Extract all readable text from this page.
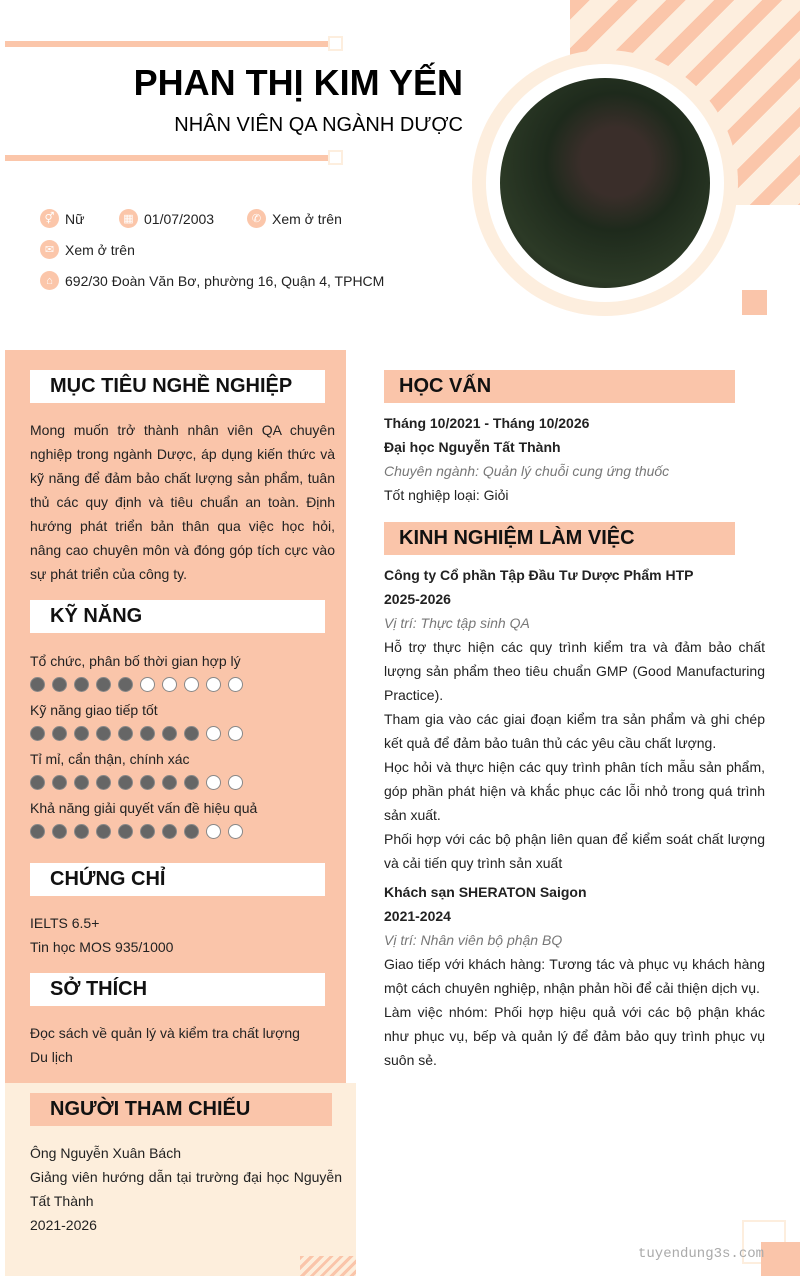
PHAN THỊ KIM YẾN
NHÂN VIÊN QA NGÀNH DƯỢC
⚥ Nữ	▦ 01/07/2003	✆ Xem ở trên
✉ Xem ở trên
⌂ 692/30 Đoàn Văn Bơ, phường 16, Quận 4, TPHCM
MỤC TIÊU NGHỀ NGHIỆP
Mong muốn trở thành nhân viên QA chuyên nghiệp trong ngành Dược, áp dụng kiến thức và kỹ năng để đảm bảo chất lượng sản phẩm, tuân thủ các quy định và tiêu chuẩn an toàn. Định hướng phát triển bản thân qua việc học hỏi, nâng cao chuyên môn và đóng góp tích cực vào sự phát triển của công ty.
KỸ NĂNG
Tổ chức, phân bố thời gian hợp lý
Kỹ năng giao tiếp tốt
Tỉ mỉ, cẩn thận, chính xác
Khả năng giải quyết vấn đề hiệu quả
CHỨNG CHỈ
IELTS 6.5+
Tin học MOS 935/1000
SỞ THÍCH
Đọc sách về quản lý và kiểm tra chất lượng
Du lịch
NGƯỜI THAM CHIẾU
Ông Nguyễn Xuân Bách
Giảng viên hướng dẫn tại trường đại học Nguyễn Tất Thành
2021-2026
HỌC VẤN
Tháng 10/2021 - Tháng 10/2026
Đại học Nguyễn Tất Thành
Chuyên ngành: Quản lý chuỗi cung ứng thuốc
Tốt nghiệp loại: Giỏi
KINH NGHIỆM LÀM VIỆC
Công ty Cổ phần Tập Đầu Tư Dược Phẩm HTP
2025-2026
Vị trí: Thực tập sinh QA
Hỗ trợ thực hiện các quy trình kiểm tra và đảm bảo chất lượng sản phẩm theo tiêu chuẩn GMP (Good Manufacturing Practice).
Tham gia vào các giai đoạn kiểm tra sản phẩm và ghi chép kết quả để đảm bảo tuân thủ các yêu cầu chất lượng.
Học hỏi và thực hiện các quy trình phân tích mẫu sản phẩm, góp phần phát hiện và khắc phục các lỗi nhỏ trong quá trình sản xuất.
Phối hợp với các bộ phận liên quan để kiểm soát chất lượng và cải tiến quy trình sản xuất
Khách sạn SHERATON Saigon
2021-2024
Vị trí: Nhân viên bộ phận BQ
Giao tiếp với khách hàng: Tương tác và phục vụ khách hàng một cách chuyên nghiệp, nhận phản hồi để cải thiện dịch vụ.
Làm việc nhóm: Phối hợp hiệu quả với các bộ phận khác như phục vụ, bếp và quản lý để đảm bảo quy trình phục vụ suôn sẻ.
tuyendung3s.com
